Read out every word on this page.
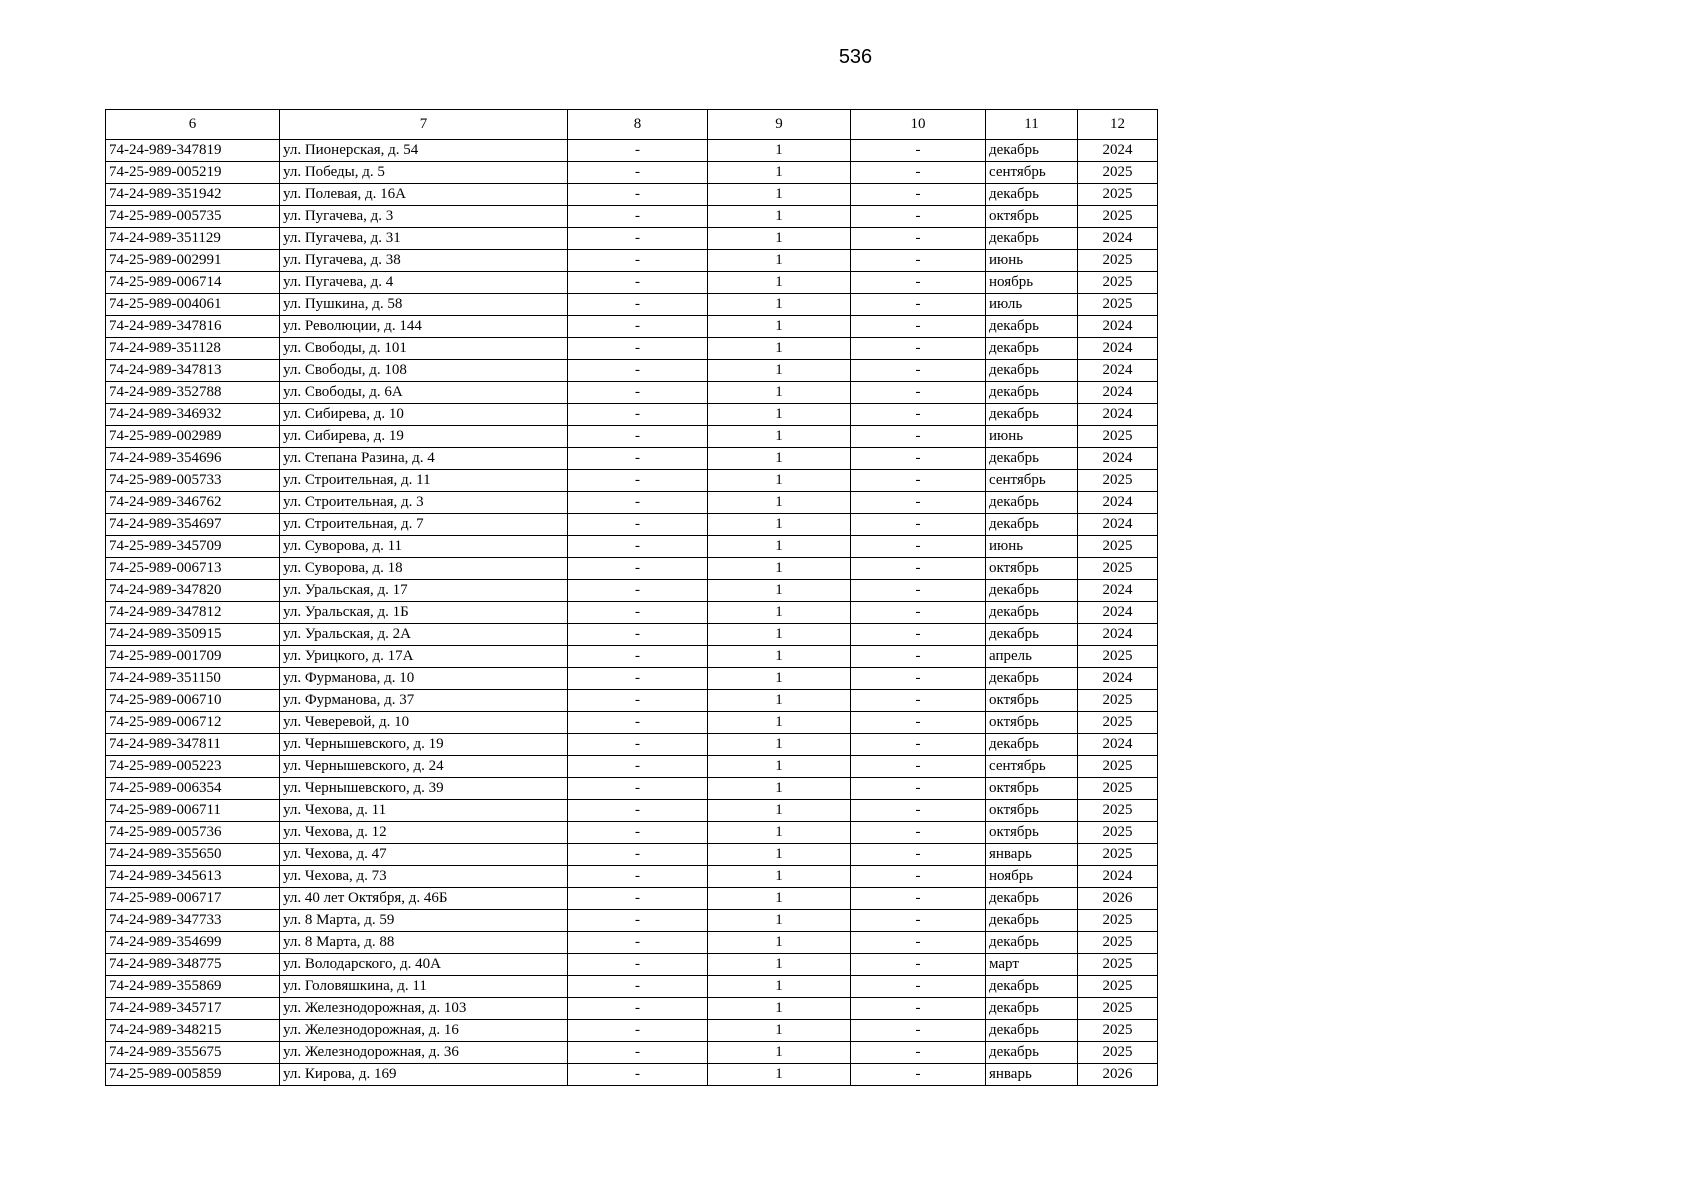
536
6	7	8	9	10	11	12
74-24-989-347819	ул. Пионерская, д. 54	-	1	-	декабрь	2024
74-25-989-005219	ул. Победы, д. 5	-	1	-	сентябрь	2025
74-24-989-351942	ул. Полевая, д. 16А	-	1	-	декабрь	2025
74-25-989-005735	ул. Пугачева, д. 3	-	1	-	октябрь	2025
74-24-989-351129	ул. Пугачева, д. 31	-	1	-	декабрь	2024
74-25-989-002991	ул. Пугачева, д. 38	-	1	-	июнь	2025
74-25-989-006714	ул. Пугачева, д. 4	-	1	-	ноябрь	2025
74-25-989-004061	ул. Пушкина, д. 58	-	1	-	июль	2025
74-24-989-347816	ул. Революции, д. 144	-	1	-	декабрь	2024
74-24-989-351128	ул. Свободы, д. 101	-	1	-	декабрь	2024
74-24-989-347813	ул. Свободы, д. 108	-	1	-	декабрь	2024
74-24-989-352788	ул. Свободы, д. 6А	-	1	-	декабрь	2024
74-24-989-346932	ул. Сибирева, д. 10	-	1	-	декабрь	2024
74-25-989-002989	ул. Сибирева, д. 19	-	1	-	июнь	2025
74-24-989-354696	ул. Степана Разина, д. 4	-	1	-	декабрь	2024
74-25-989-005733	ул. Строительная, д. 11	-	1	-	сентябрь	2025
74-24-989-346762	ул. Строительная, д. 3	-	1	-	декабрь	2024
74-24-989-354697	ул. Строительная, д. 7	-	1	-	декабрь	2024
74-25-989-345709	ул. Суворова, д. 11	-	1	-	июнь	2025
74-25-989-006713	ул. Суворова, д. 18	-	1	-	октябрь	2025
74-24-989-347820	ул. Уральская, д. 17	-	1	-	декабрь	2024
74-24-989-347812	ул. Уральская, д. 1Б	-	1	-	декабрь	2024
74-24-989-350915	ул. Уральская, д. 2А	-	1	-	декабрь	2024
74-25-989-001709	ул. Урицкого, д. 17А	-	1	-	апрель	2025
74-24-989-351150	ул. Фурманова, д. 10	-	1	-	декабрь	2024
74-25-989-006710	ул. Фурманова, д. 37	-	1	-	октябрь	2025
74-25-989-006712	ул. Чеверевой, д. 10	-	1	-	октябрь	2025
74-24-989-347811	ул. Чернышевского, д. 19	-	1	-	декабрь	2024
74-25-989-005223	ул. Чернышевского, д. 24	-	1	-	сентябрь	2025
74-25-989-006354	ул. Чернышевского, д. 39	-	1	-	октябрь	2025
74-25-989-006711	ул. Чехова, д. 11	-	1	-	октябрь	2025
74-25-989-005736	ул. Чехова, д. 12	-	1	-	октябрь	2025
74-24-989-355650	ул. Чехова, д. 47	-	1	-	январь	2025
74-24-989-345613	ул. Чехова, д. 73	-	1	-	ноябрь	2024
74-25-989-006717	ул. 40 лет Октября, д. 46Б	-	1	-	декабрь	2026
74-24-989-347733	ул. 8 Марта, д. 59	-	1	-	декабрь	2025
74-24-989-354699	ул. 8 Марта, д. 88	-	1	-	декабрь	2025
74-24-989-348775	ул. Володарского, д. 40А	-	1	-	март	2025
74-24-989-355869	ул. Головяшкина, д. 11	-	1	-	декабрь	2025
74-24-989-345717	ул. Железнодорожная, д. 103	-	1	-	декабрь	2025
74-24-989-348215	ул. Железнодорожная, д. 16	-	1	-	декабрь	2025
74-24-989-355675	ул. Железнодорожная, д. 36	-	1	-	декабрь	2025
74-25-989-005859	ул. Кирова, д. 169	-	1	-	январь	2026
